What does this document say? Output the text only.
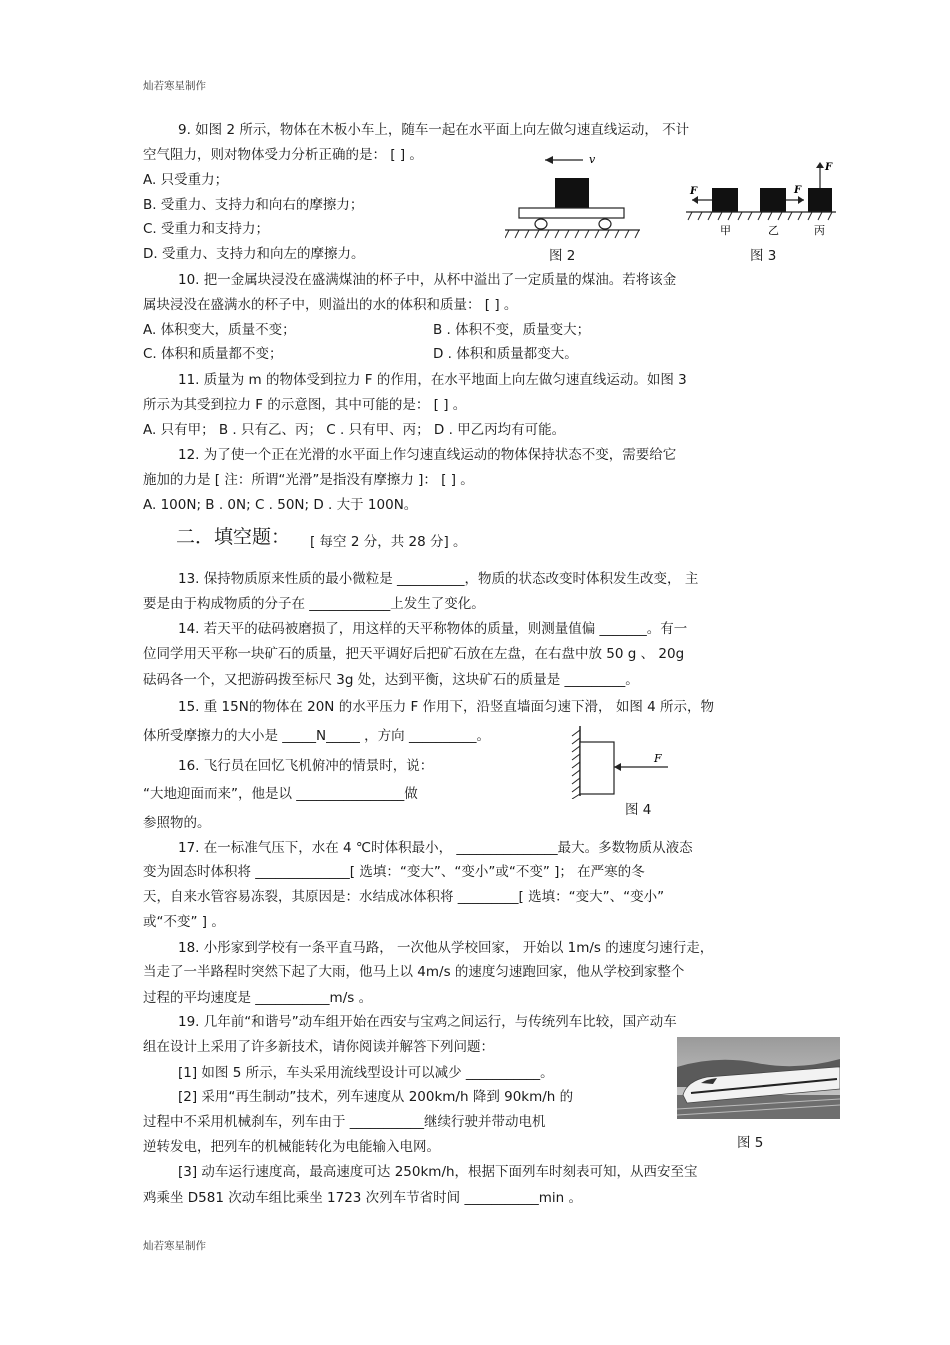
灿若寒星制作
9. 如图 2 所示，物体在木板小车上，随车一起在水平面上向左做匀速直线运动， 不计
空气阻力，则对物体受力分析正确的是： [ ] 。
A. 只受重力；
B. 受重力、支持力和向右的摩擦力；
C. 受重力和支持力；
D. 受重力、支持力和向左的摩擦力。
10. 把一金属块浸没在盛满煤油的杯子中，从杯中溢出了一定质量的煤油。若将该金
属块浸没在盛满水的杯子中，则溢出的水的体积和质量： [ ] 。
A. 体积变大，质量不变；	B . 体积不变，质量变大；
C. 体积和质量都不变；	D . 体积和质量都变大。
11. 质量为 m 的物体受到拉力 F 的作用，在水平地面上向左做匀速直线运动。如图 3
所示为其受到拉力 F 的示意图，其中可能的是： [ ] 。
A. 只有甲； B . 只有乙、丙； C . 只有甲、丙； D . 甲乙丙均有可能。
12. 为了使一个正在光滑的水平面上作匀速直线运动的物体保持状态不变，需要给它
施加的力是 [ 注：所谓“光滑”是指没有摩擦力 ]： [ ] 。
A. 100N; B . 0N; C . 50N; D . 大于 100N。
13. 保持物质原来性质的最小微粒是 __________，物质的状态改变时体积发生改变， 主
要是由于构成物质的分子在 ____________上发生了变化。
14. 若天平的砝码被磨损了，用这样的天平称物体的质量，则测量值偏 _______。有一
位同学用天平称一块矿石的质量，把天平调好后把矿石放在左盘，在右盘中放 50 g 、 20g
砝码各一个，又把游码拨至标尺 3g 处，达到平衡，这块矿石的质量是 _________。
15. 重 15N的物体在 20N 的水平压力 F 作用下，沿竖直墙面匀速下滑， 如图 4 所示，物
体所受摩擦力的大小是 _____N_____ ，方向 __________。
16. 飞行员在回忆飞机俯冲的情景时，说：
“大地迎面而来”，他是以 ________________做
参照物的。
17. 在一标准气压下，水在 4 ℃时体积最小， _______________最大。多数物质从液态
变为固态时体积将 ______________[ 选填：“变大”、“变小”或“不变” ]； 在严寒的冬
天，自来水管容易冻裂，其原因是：水结成冰体积将 _________[ 选填：“变大”、“变小”
或“不变” ] 。
18. 小彤家到学校有一条平直马路， 一次他从学校回家， 开始以 1m/s 的速度匀速行走，
当走了一半路程时突然下起了大雨，他马上以 4m/s 的速度匀速跑回家，他从学校到家整个
过程的平均速度是 ___________m/s 。
19. 几年前“和谐号”动车组开始在西安与宝鸡之间运行，与传统列车比较，国产动车
组在设计上采用了许多新技术，请你阅读并解答下列问题：
[1] 如图 5 所示，车头采用流线型设计可以减少 ___________。
[2] 采用“再生制动”技术，列车速度从 200km/h 降到 90km/h 的
过程中不采用机械刹车，列车由于 ___________继续行驶并带动电机
逆转发电，把列车的机械能转化为电能输入电网。
[3] 动车运行速度高，最高速度可达 250km/h，根据下面列车时刻表可知，从西安至宝
鸡乘坐 D581 次动车组比乘坐 1723 次列车节省时间 ___________min 。
二．填空题： [ 每空 2 分，共 28 分] 。
v
图 2
F	F
F
甲	乙	丙
图 3
F
图 4
图 5
灿若寒星制作
